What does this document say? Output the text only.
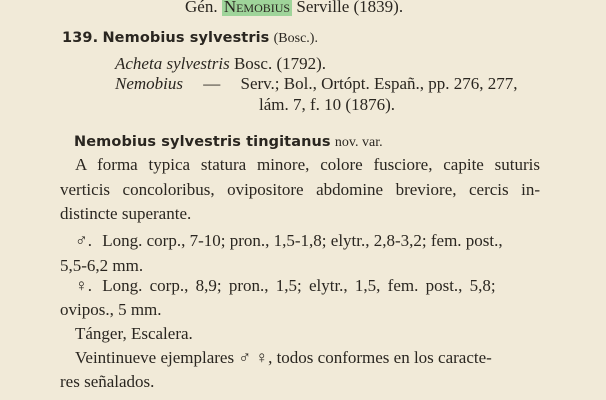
Gén. Nemobius Serville (1839).
139. Nemobius sylvestris (Bosc.).
Acheta sylvestris Bosc. (1792).
Nemobius — Serv.; Bol., Ortópt. Españ., pp. 276, 277,
lám. 7, f. 10 (1876).
Nemobius sylvestris tingitanus nov. var.
A forma typica statura minore, colore fusciore, capite suturis
verticis concoloribus, ovipositore abdomine breviore, cercis in-
distincte superante.
♂. Long. corp., 7-10; pron., 1,5-1,8; elytr., 2,8-3,2; fem. post.,
5,5-6,2 mm.
♀. Long. corp., 8,9; pron., 1,5; elytr., 1,5, fem. post., 5,8;
ovipos., 5 mm.
Tánger, Escalera.
Veintinueve ejemplares ♂ ♀, todos conformes en los caracte-
res señalados.
